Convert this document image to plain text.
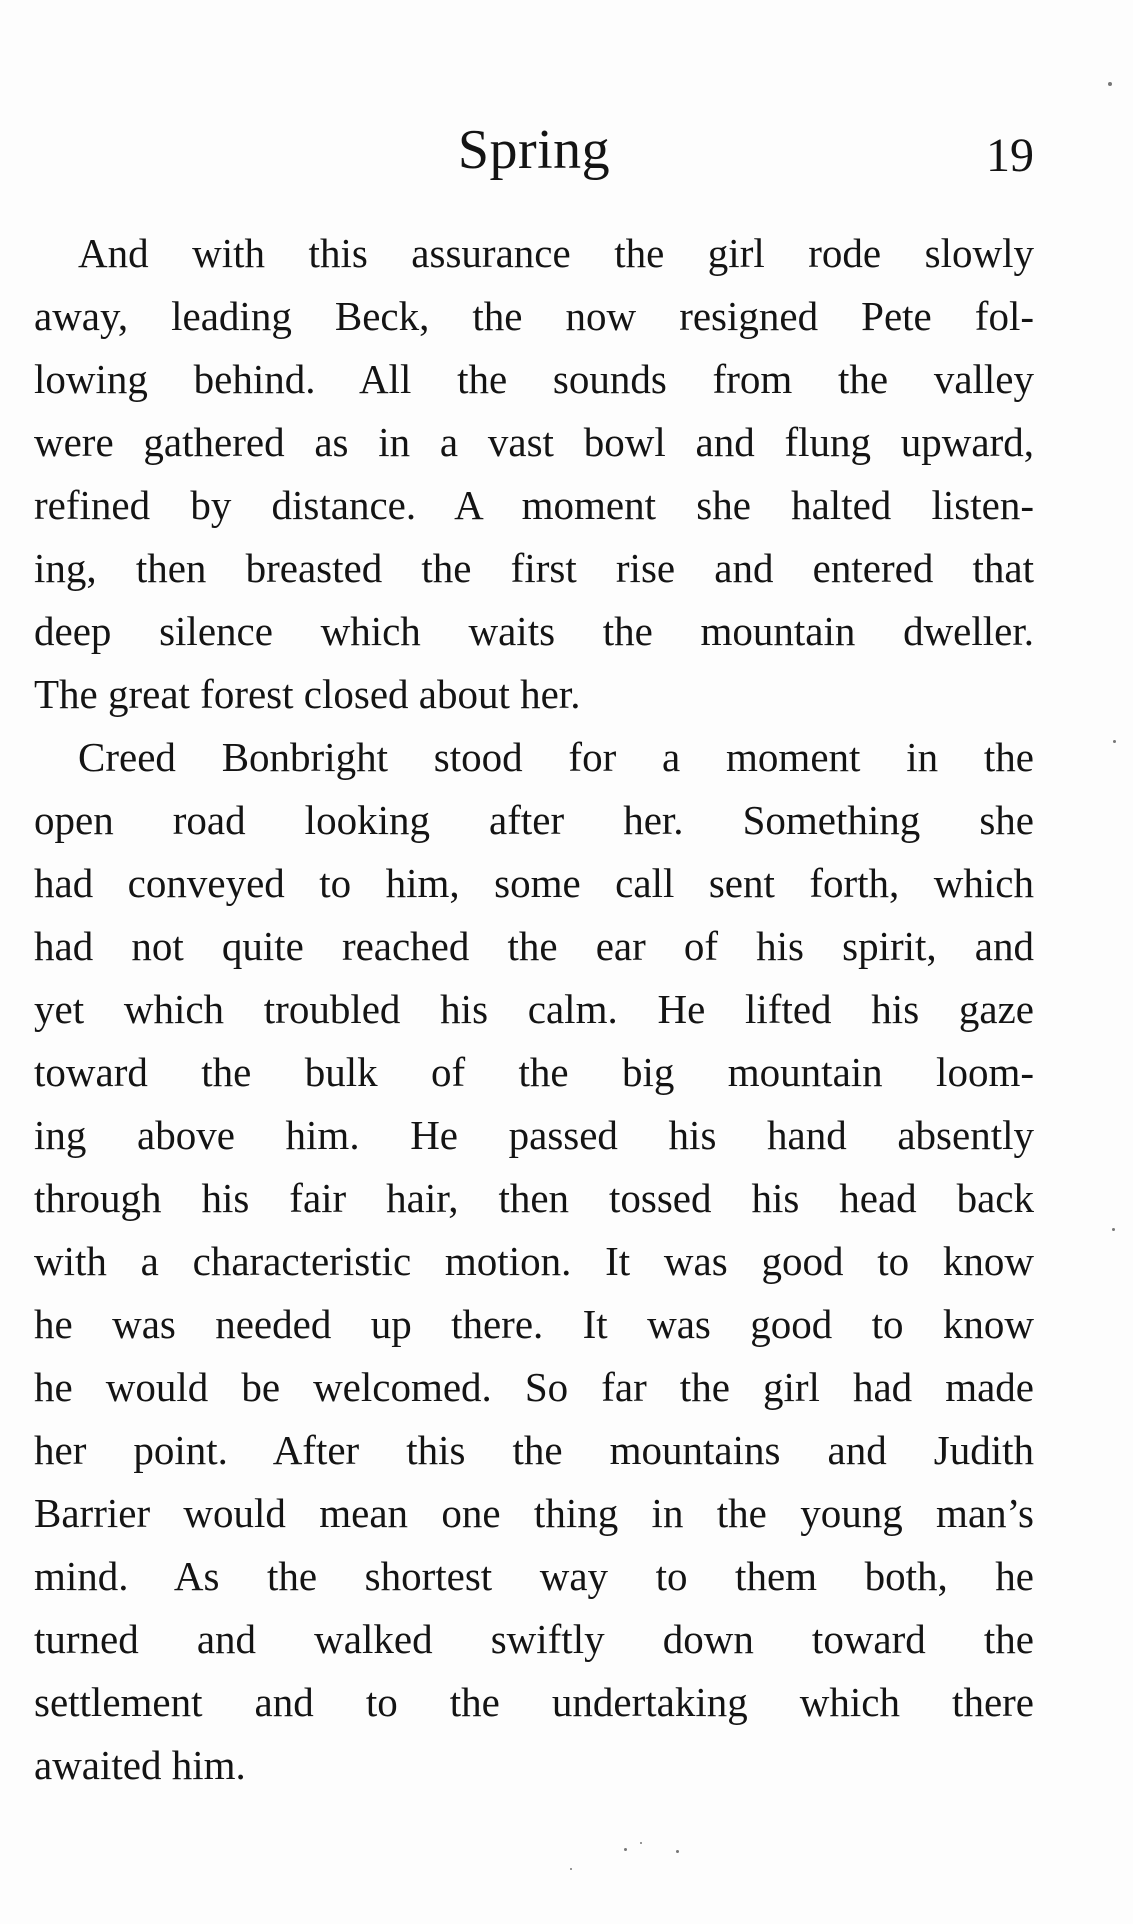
Spring	19
And with this assurance the girl rode slowly
away, leading Beck, the now resigned Pete fol-
lowing behind. All the sounds from the valley
were gathered as in a vast bowl and flung upward,
refined by distance. A moment she halted listen-
ing, then breasted the first rise and entered that
deep silence which waits the mountain dweller.
The great forest closed about her.
Creed Bonbright stood for a moment in the
open road looking after her. Something she
had conveyed to him, some call sent forth, which
had not quite reached the ear of his spirit, and
yet which troubled his calm. He lifted his gaze
toward the bulk of the big mountain loom-
ing above him. He passed his hand absently
through his fair hair, then tossed his head back
with a characteristic motion. It was good to know
he was needed up there. It was good to know
he would be welcomed. So far the girl had made
her point. After this the mountains and Judith
Barrier would mean one thing in the young man’s
mind. As the shortest way to them both, he
turned and walked swiftly down toward the
settlement and to the undertaking which there
awaited him.
